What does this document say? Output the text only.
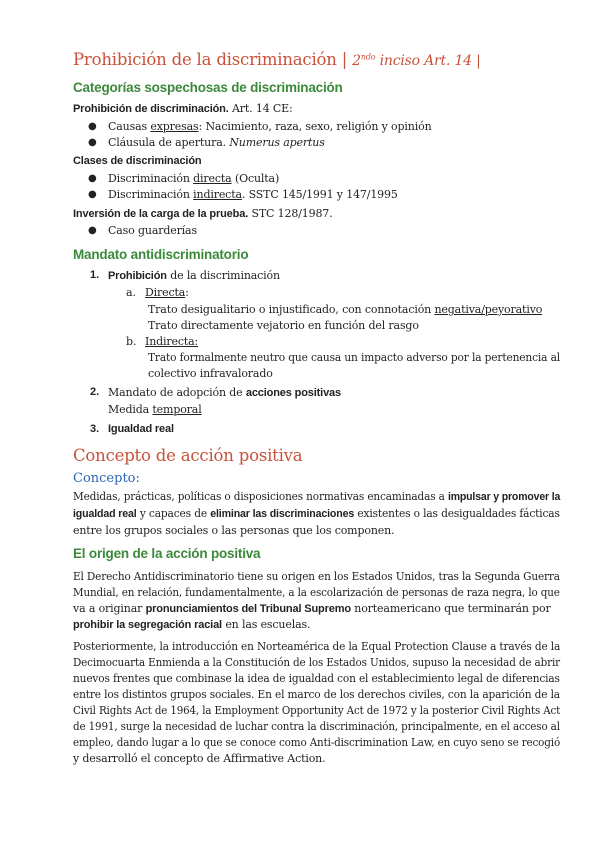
Prohibición de la discriminación | $2^{ndo}$ inciso Art. 14 |
Categorías sospechosas de discriminación
Prohibición de discriminación. Art. 14 CE:
● Causas expresas: Nacimiento, raza, sexo, religión y opinión
● Cláusula de apertura. Numerus apertus
Clases de discriminación
● Discriminación directa (Oculta)
● Discriminación indirecta. SSTC 145/1991 y 147/1995
Inversión de la carga de la prueba. STC 128/1987.
● Caso guarderías
Mandato antidiscriminatorio
1. Prohibición de la discriminación
a. Directa:
Trato desigualitario o injustificado, con connotación negativa/peyorativo
Trato directamente vejatorio en función del rasgo
b. Indirecta:
Trato formalmente neutro que causa un impacto adverso por la pertenencia al
colectivo infravalorado
2. Mandato de adopción de acciones positivas
Medida temporal
3. Igualdad real
Concepto de acción positiva
Concepto:
Medidas, prácticas, políticas o disposiciones normativas encaminadas a impulsar y promover la
igualdad real y capaces de eliminar las discriminaciones existentes o las desigualdades fácticas
entre los grupos sociales o las personas que los componen.
El origen de la acción positiva
El Derecho Antidiscriminatorio tiene su origen en los Estados Unidos, tras la Segunda Guerra
Mundial, en relación, fundamentalmente, a la escolarización de personas de raza negra, lo que
va a originar pronunciamientos del Tribunal Supremo norteamericano que terminarán por
prohibir la segregación racial en las escuelas.
Posteriormente, la introducción en Norteamérica de la Equal Protection Clause a través de la
Decimocuarta Enmienda a la Constitución de los Estados Unidos, supuso la necesidad de abrir
nuevos frentes que combinase la idea de igualdad con el establecimiento legal de diferencias
entre los distintos grupos sociales. En el marco de los derechos civiles, con la aparición de la
Civil Rights Act de 1964, la Employment Opportunity Act de 1972 y la posterior Civil Rights Act
de 1991, surge la necesidad de luchar contra la discriminación, principalmente, en el acceso al
empleo, dando lugar a lo que se conoce como Anti-discrimination Law, en cuyo seno se recogió
y desarrolló el concepto de Affirmative Action.
